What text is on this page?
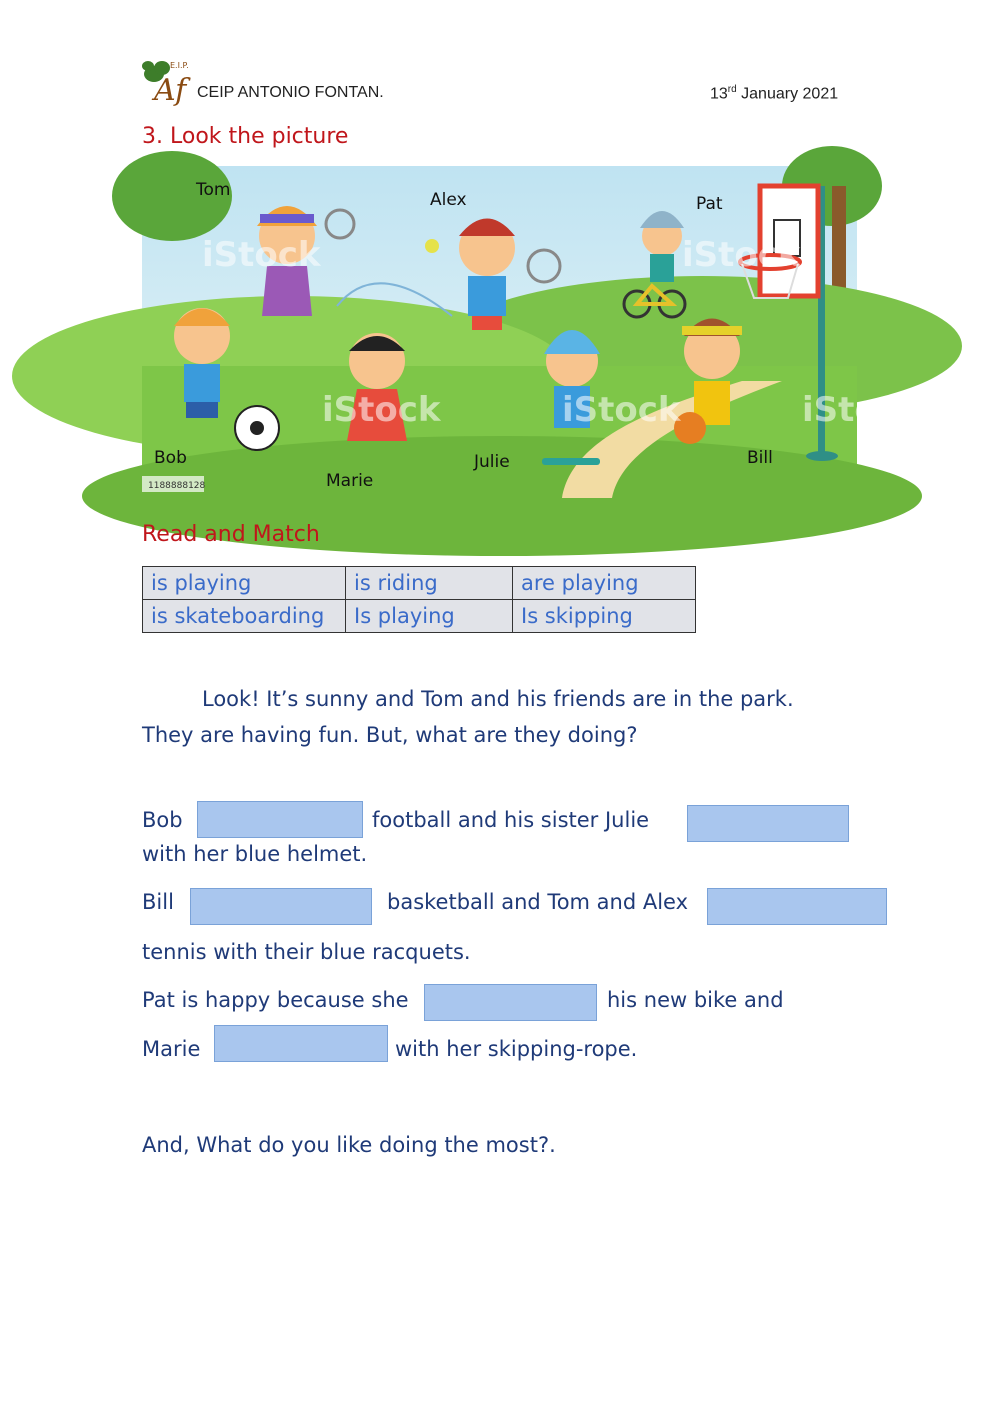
Af
E.I.P.
CEIP ANTONIO FONTAN.	13rd January 2021
3. Look the picture
iStock	iStock
iStock	iStock	iStock
1188888128
Tom	Alex	Pat
Bob
Marie
Julie	Bill
Read and Match
is playing	is riding	are playing
is skateboarding	Is playing	Is skipping
Look! It’s sunny and Tom and his friends are in the park.
They are having fun. But, what are they doing?
Bob	football and his sister Julie
with her blue helmet.
Bill	basketball and Tom and Alex
tennis with their blue racquets.
Pat is happy because she	his new bike and
Marie	with her skipping-rope.
And, What do you like doing the most?.
